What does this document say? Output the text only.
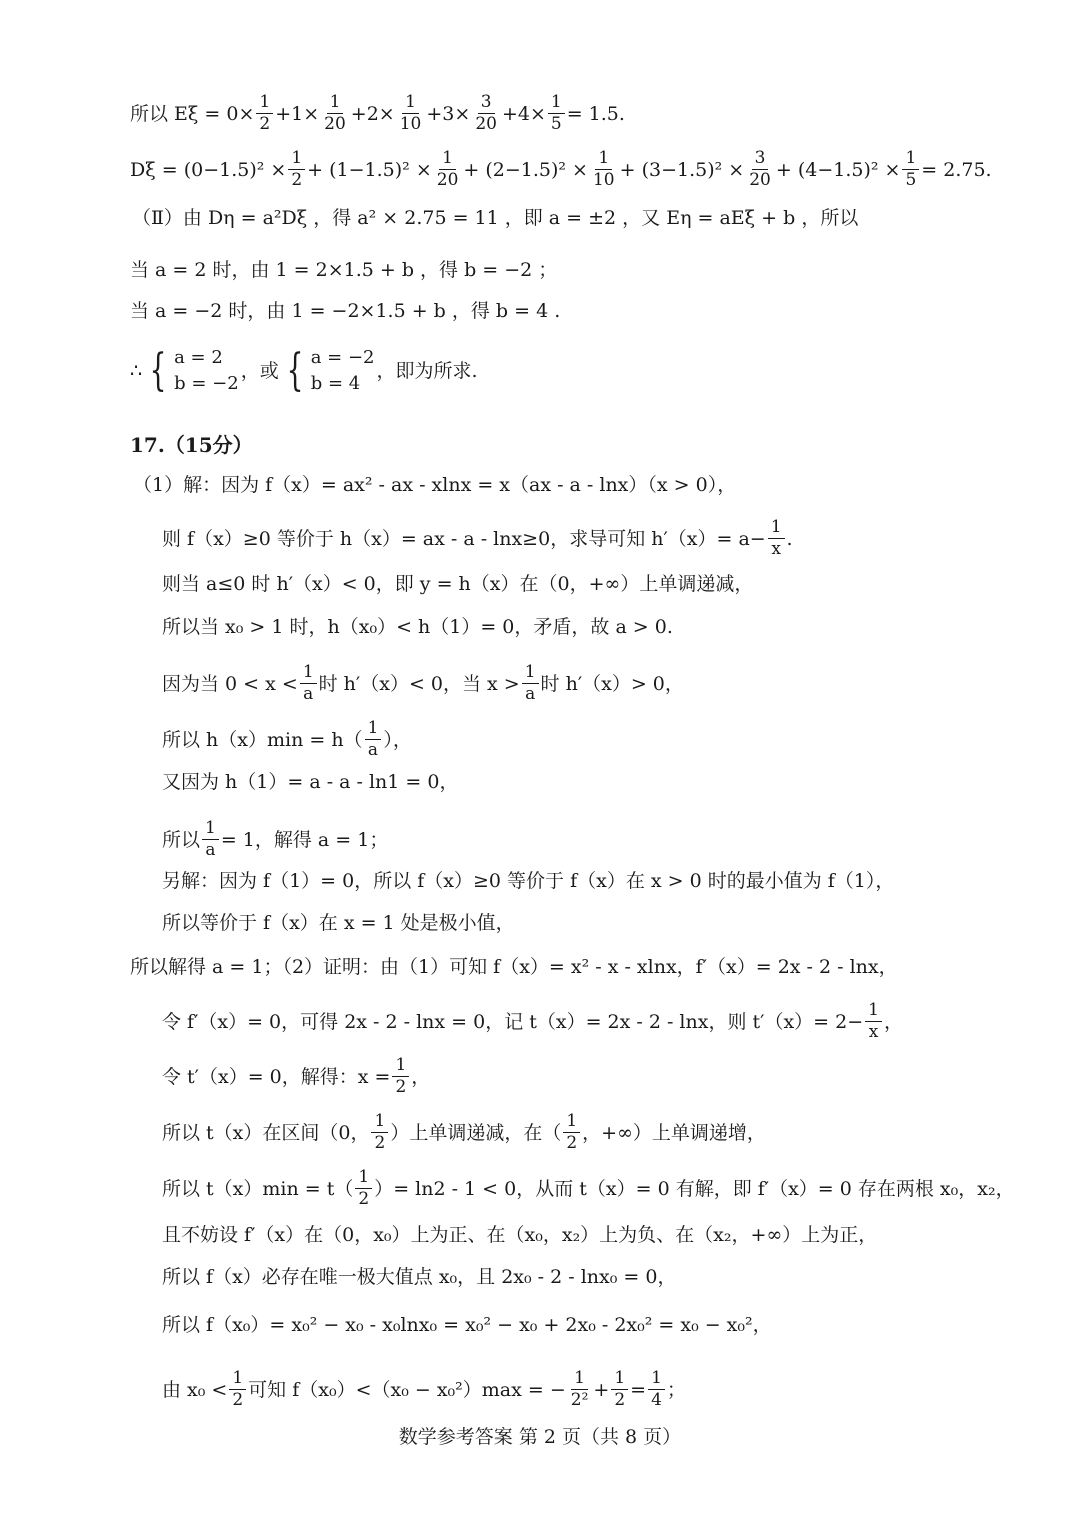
所以 $E\xi = 0\times \frac{1}{2} +1\times \frac{1}{20} +2\times \frac{1}{10} +3\times \frac{3}{20} +4\times \frac{1}{5} = 1.5$.
$D\xi = (0-1.5)^2 \times \frac{1}{2} + (1-1.5)^2 \times \frac{1}{20} + (2-1.5)^2 \times \frac{1}{10} + (3-1.5)^2 \times \frac{3}{20} + (4-1.5)^2 \times \frac{1}{5} = 2.75$.
（Ⅱ）由 Dη = a²Dξ ，得 a² × 2.75 = 11 ，即 a = ±2 ，又 Eη = aEξ + b ，所以
当 a = 2 时，由 1 = 2×1.5 + b ，得 b = −2 ；
当 a = −2 时，由 1 = −2×1.5 + b ，得 b = 4 .
∴ { a = 2
b = −2
，或 { a = −2
b = 4
，即为所求.
17.（15分）
（1）解：因为 f（x）= ax² - ax - xlnx = x（ax - a - lnx）（x > 0），
则 f（x）≥0 等价于 h（x）= ax - a - lnx≥0，求导可知 $h'(x)= a- \frac{1}{x}$ .
则当 a≤0 时 h′（x）< 0，即 y = h（x）在（0，+∞）上单调递减，
所以当 x₀ > 1 时，h（x₀）< h（1）= 0，矛盾，故 a > 0.
因为当 $0 < x < \frac{1}{a}$ 时 h′（x）< 0，当 $x > \frac{1}{a}$ 时 h′（x）> 0，
所以 $h(x)\min = h( \frac{1}{a}$ ），
又因为 h（1）= a - a - ln1 = 0，
所以 $\frac{1}{a} = 1$，解得 a = 1；
另解：因为 f（1）= 0，所以 f（x）≥0 等价于 f（x）在 x > 0 时的最小值为 f（1），
所以等价于 f（x）在 x = 1 处是极小值，
所以解得 a = 1；（2）证明：由（1）可知 f（x）= x² - x - xlnx，f′（x）= 2x - 2 - lnx，
令 f′（x）= 0，可得 2x - 2 - lnx = 0，记 t（x）= 2x - 2 - lnx，则 $t'(x)= 2- \frac{1}{x}$ ，
令 t′（x）= 0，解得：$x = \frac{1}{2}$ ，
所以 t（x）在区间（0， $\frac{1}{2}$ ）上单调递减，在（ $\frac{1}{2}$ ，+∞）上单调递增，
所以 $t(x)\min = t( \frac{1}{2}$ ）= ln2 - 1 < 0，从而 t（x）= 0 有解，即 f′（x）= 0 存在两根 x₀，x₂，
且不妨设 f′（x）在（0，x₀）上为正、在（x₀，x₂）上为负、在（x₂，+∞）上为正，
所以 f（x）必存在唯一极大值点 x₀，且 2x₀ - 2 - lnx₀ = 0，
所以 f（x₀）= x₀² − x₀ - x₀lnx₀ = x₀² − x₀ + 2x₀ - 2x₀² = x₀ − x₀²，
由 $x_0 < \frac{1}{2}$ 可知 f（x₀）<（x₀ − x₀²）max = − $\frac{1}{\text{2²}} + \frac{1}{2} = \frac{1}{4}$ ；
数学参考答案 第 2 页（共 8 页）
